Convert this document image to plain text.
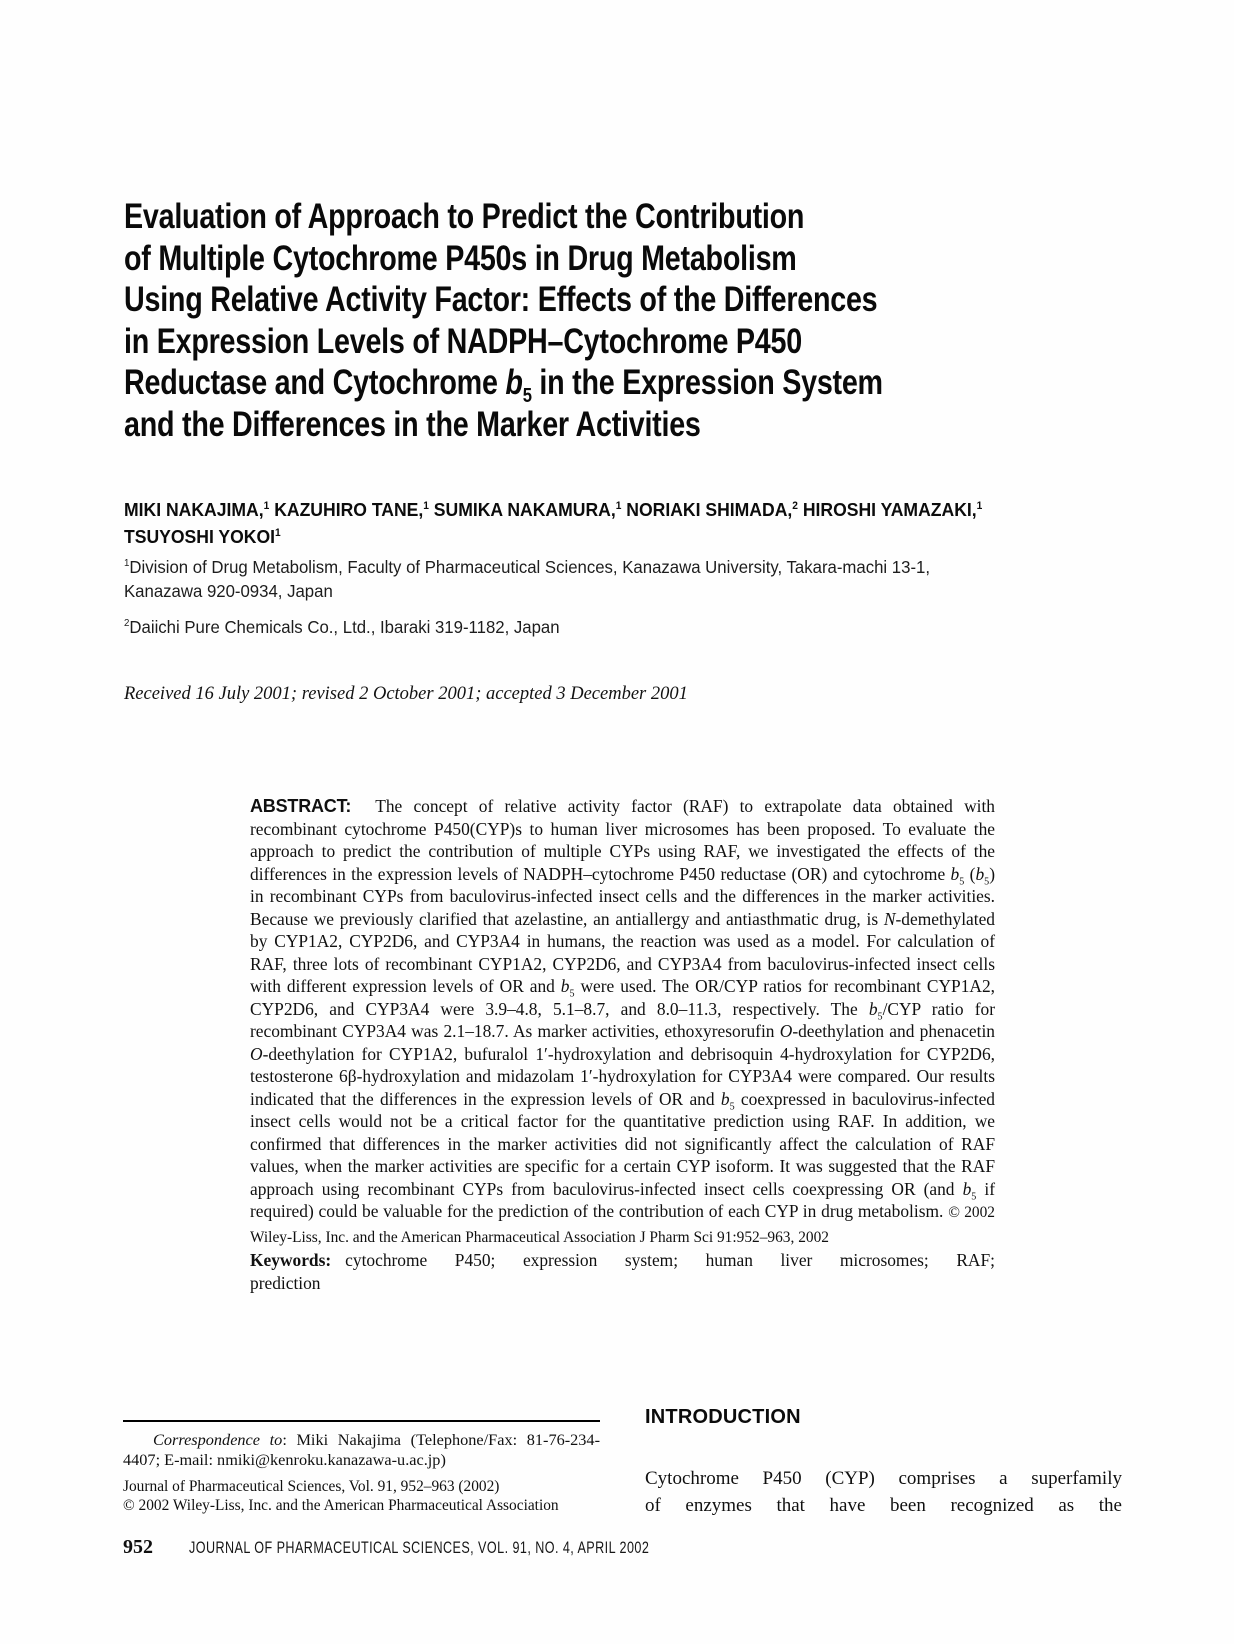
Evaluation of Approach to Predict the Contribution
of Multiple Cytochrome P450s in Drug Metabolism
Using Relative Activity Factor: Effects of the Differences
in Expression Levels of NADPH–Cytochrome P450
Reductase and Cytochrome $b_5$ in the Expression System
and the Differences in the Marker Activities
MIKI NAKAJIMA,$^1$ KAZUHIRO TANE,$^1$ SUMIKA NAKAMURA,$^1$ NORIAKI SHIMADA,$^2$ HIROSHI YAMAZAKI,$^1$
TSUYOSHI YOKOI$^1$

$^1$Division of Drug Metabolism, Faculty of Pharmaceutical Sciences, Kanazawa University, Takara-machi 13-1,
Kanazawa 920-0934, Japan

$^2$Daiichi Pure Chemicals Co., Ltd., Ibaraki 319-1182, Japan

Received 16 July 2001; revised 2 October 2001; accepted 3 December 2001

ABSTRACT: The concept of relative activity factor (RAF) to extrapolate data obtained with recombinant cytochrome P450(CYP)s to human liver microsomes has been proposed. To evaluate the approach to predict the contribution of multiple CYPs using RAF, we investigated the effects of the differences in the expression levels of NADPH–cytochrome P450 reductase (OR) and cytochrome $b_5$ $(b_5)$ in recombinant CYPs from baculovirus-infected insect cells and the differences in the marker activities. Because we previously clarified that azelastine, an antiallergy and antiasthmatic drug, is N-demethylated by CYP1A2, CYP2D6, and CYP3A4 in humans, the reaction was used as a model. For calculation of RAF, three lots of recombinant CYP1A2, CYP2D6, and CYP3A4 from baculovirus-infected insect cells with different expression levels of OR and $b_5$ were used. The OR/CYP ratios for recombinant CYP1A2, CYP2D6, and CYP3A4 were 3.9–4.8, 5.1–8.7, and 8.0–11.3, respectively. The $b_5$/CYP ratio for recombinant CYP3A4 was 2.1–18.7. As marker activities, ethoxyresorufin O-deethylation and phenacetin O-deethylation for CYP1A2, bufuralol 1′-hydroxylation and debrisoquin 4-hydroxylation for CYP2D6, testosterone 6β-hydroxylation and midazolam 1′-hydroxylation for CYP3A4 were compared. Our results indicated that the differences in the expression levels of OR and $b_5$ coexpressed in baculovirus-infected insect cells would not be a critical factor for the quantitative prediction using RAF. In addition, we confirmed that differences in the marker activities did not significantly affect the calculation of RAF values, when the marker activities are specific for a certain CYP isoform. It was suggested that the RAF approach using recombinant CYPs from baculovirus-infected insect cells coexpressing OR (and $b_5$ if required) could be valuable for the prediction of the contribution of each CYP in drug metabolism. © 2002 Wiley-Liss, Inc. and the American Pharmaceutical Association J Pharm Sci 91:952–963, 2002

Keywords: cytochrome P450; expression system; human liver microsomes; RAF;
prediction

Correspondence to: Miki Nakajima (Telephone/Fax: 81-76-234-4407; E-mail: nmiki@kenroku.kanazawa-u.ac.jp)

Journal of Pharmaceutical Sciences, Vol. 91, 952–963 (2002)
© 2002 Wiley-Liss, Inc. and the American Pharmaceutical Association

INTRODUCTION

Cytochrome P450 (CYP) comprises a superfamily
of enzymes that have been recognized as the

952 JOURNAL OF PHARMACEUTICAL SCIENCES, VOL. 91, NO. 4, APRIL 2002
